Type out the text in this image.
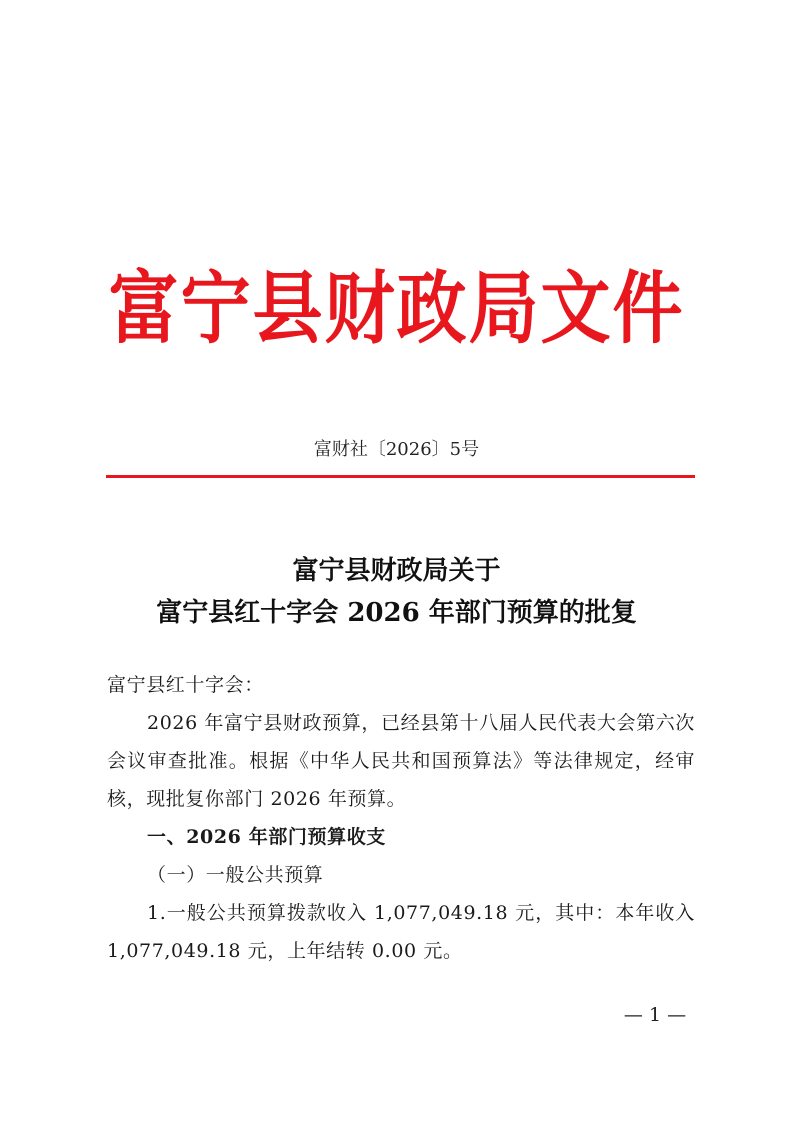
富宁县财政局文件
富财社〔2026〕5号
富宁县财政局关于
富宁县红十字会 2026 年部门预算的批复
富宁县红十字会：
2026 年富宁县财政预算，已经县第十八届人民代表大会第六次会议审查批准。根据《中华人民共和国预算法》等法律规定，经审核，现批复你部门 2026 年预算。
一、2026 年部门预算收支
（一）一般公共预算
1.一般公共预算拨款收入 1,077,049.18 元，其中：本年收入 1,077,049.18 元，上年结转 0.00 元。
— 1 —
